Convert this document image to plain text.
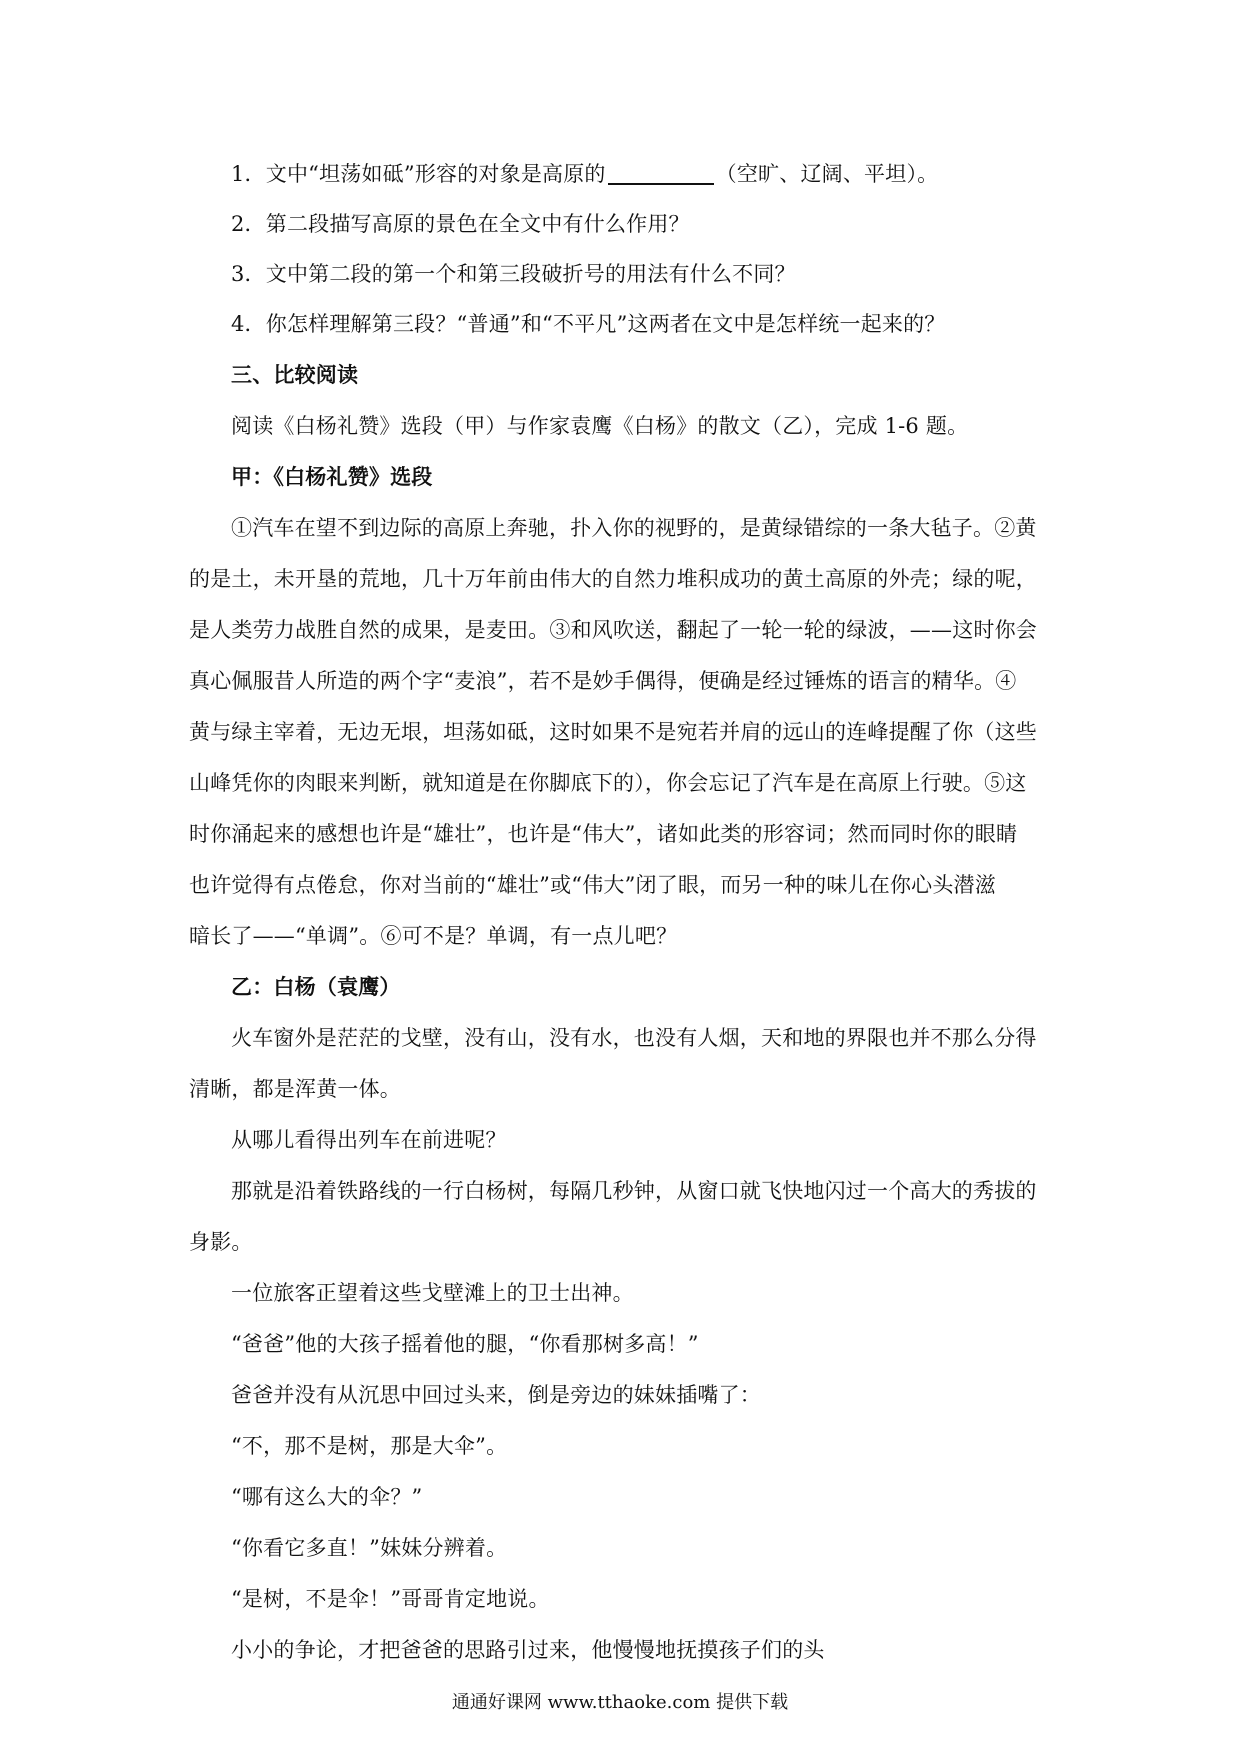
1．文中“坦荡如砥”形容的对象是高原的	（空旷、辽阔、平坦）。
2．第二段描写高原的景色在全文中有什么作用？
3．文中第二段的第一个和第三段破折号的用法有什么不同？
4．你怎样理解第三段？“普通”和“不平凡”这两者在文中是怎样统一起来的？
三、比较阅读
阅读《白杨礼赞》选段（甲）与作家袁鹰《白杨》的散文（乙），完成 1-6 题。
甲：《白杨礼赞》选段
①汽车在望不到边际的高原上奔驰，扑入你的视野的，是黄绿错综的一条大毡子。②黄
的是土，未开垦的荒地，几十万年前由伟大的自然力堆积成功的黄土高原的外壳；绿的呢，
是人类劳力战胜自然的成果，是麦田。③和风吹送，翻起了一轮一轮的绿波，——这时你会
真心佩服昔人所造的两个字“麦浪”，若不是妙手偶得，便确是经过锤炼的语言的精华。④
黄与绿主宰着，无边无垠，坦荡如砥，这时如果不是宛若并肩的远山的连峰提醒了你（这些
山峰凭你的肉眼来判断，就知道是在你脚底下的），你会忘记了汽车是在高原上行驶。⑤这
时你涌起来的感想也许是“雄壮”，也许是“伟大”，诸如此类的形容词；然而同时你的眼睛
也许觉得有点倦怠，你对当前的“雄壮”或“伟大”闭了眼，而另一种的味儿在你心头潜滋
暗长了——“单调”。⑥可不是？单调，有一点儿吧？
乙：白杨（袁鹰）
火车窗外是茫茫的戈壁，没有山，没有水，也没有人烟，天和地的界限也并不那么分得
清晰，都是浑黄一体。
从哪儿看得出列车在前进呢？
那就是沿着铁路线的一行白杨树，每隔几秒钟，从窗口就飞快地闪过一个高大的秀拔的
身影。
一位旅客正望着这些戈壁滩上的卫士出神。
“爸爸”他的大孩子摇着他的腿，“你看那树多高！”
爸爸并没有从沉思中回过头来，倒是旁边的妹妹插嘴了：
“不，那不是树，那是大伞”。
“哪有这么大的伞？”
“你看它多直！”妹妹分辨着。
“是树，不是伞！”哥哥肯定地说。
小小的争论，才把爸爸的思路引过来，他慢慢地抚摸孩子们的头
通通好课网 www.tthaoke.com 提供下载
